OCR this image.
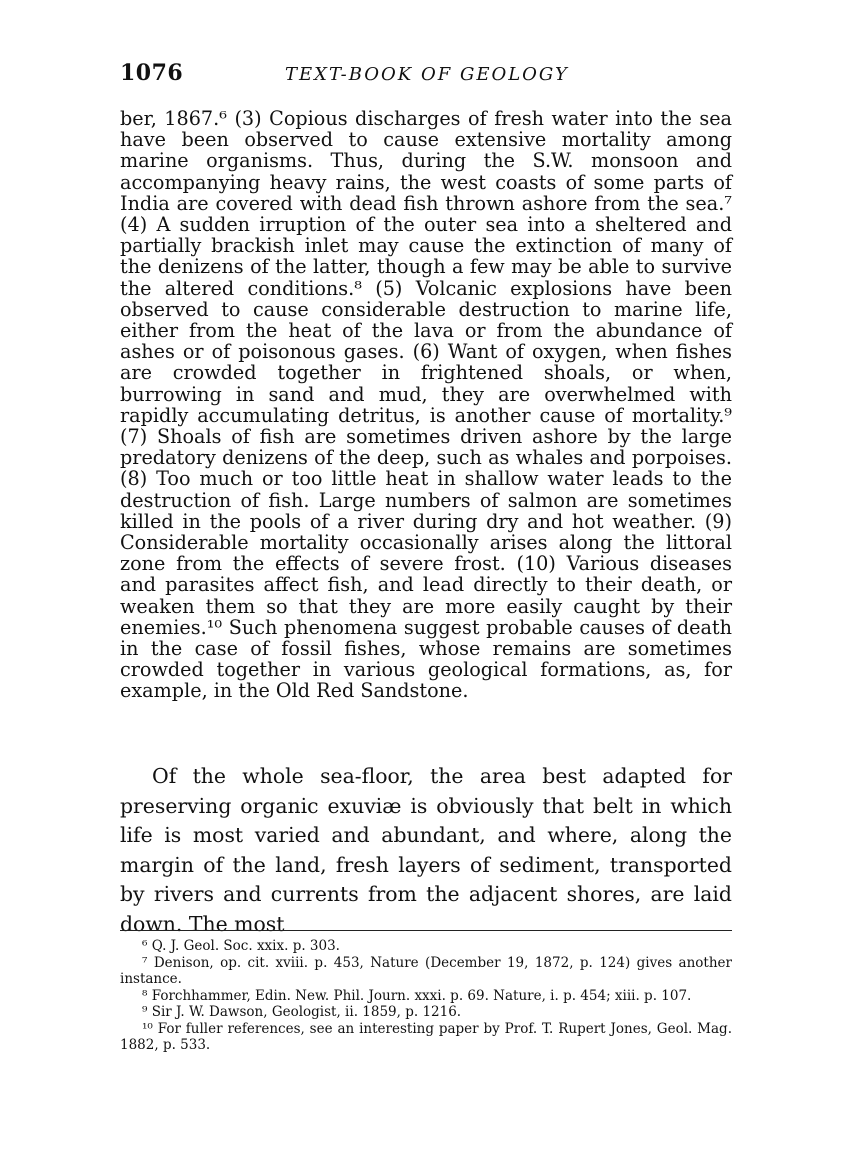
1076	TEXT-BOOK OF GEOLOGY

ber, 1867.⁶ (3) Copious discharges of fresh water into the sea have been observed to cause extensive mortality among marine organisms. Thus, during the S.W. monsoon and accompanying heavy rains, the west coasts of some parts of India are covered with dead fish thrown ashore from the sea.⁷ (4) A sudden irruption of the outer sea into a sheltered and partially brackish inlet may cause the extinction of many of the denizens of the latter, though a few may be able to survive the altered conditions.⁸ (5) Volcanic explosions have been observed to cause considerable destruction to marine life, either from the heat of the lava or from the abundance of ashes or of poisonous gases. (6) Want of oxygen, when fishes are crowded together in frightened shoals, or when, burrowing in sand and mud, they are overwhelmed with rapidly accumulating detritus, is another cause of mortality.⁹ (7) Shoals of fish are sometimes driven ashore by the large predatory denizens of the deep, such as whales and porpoises. (8) Too much or too little heat in shallow water leads to the destruction of fish. Large numbers of salmon are sometimes killed in the pools of a river during dry and hot weather. (9) Considerable mortality occasionally arises along the littoral zone from the effects of severe frost. (10) Various diseases and parasites affect fish, and lead directly to their death, or weaken them so that they are more easily caught by their enemies.¹⁰ Such phenomena suggest probable causes of death in the case of fossil fishes, whose remains are sometimes crowded together in various geological formations, as, for example, in the Old Red Sandstone.

Of the whole sea-floor, the area best adapted for preserving organic exuviæ is obviously that belt in which life is most varied and abundant, and where, along the margin of the land, fresh layers of sediment, transported by rivers and currents from the adjacent shores, are laid down. The most

⁶ Q. J. Geol. Soc. xxix. p. 303.

⁷ Denison, op. cit. xviii. p. 453, Nature (December 19, 1872, p. 124) gives another instance.

⁸ Forchhammer, Edin. New. Phil. Journ. xxxi. p. 69. Nature, i. p. 454; xiii. p. 107.

⁹ Sir J. W. Dawson, Geologist, ii. 1859, p. 1216.

¹⁰ For fuller references, see an interesting paper by Prof. T. Rupert Jones, Geol. Mag. 1882, p. 533.
